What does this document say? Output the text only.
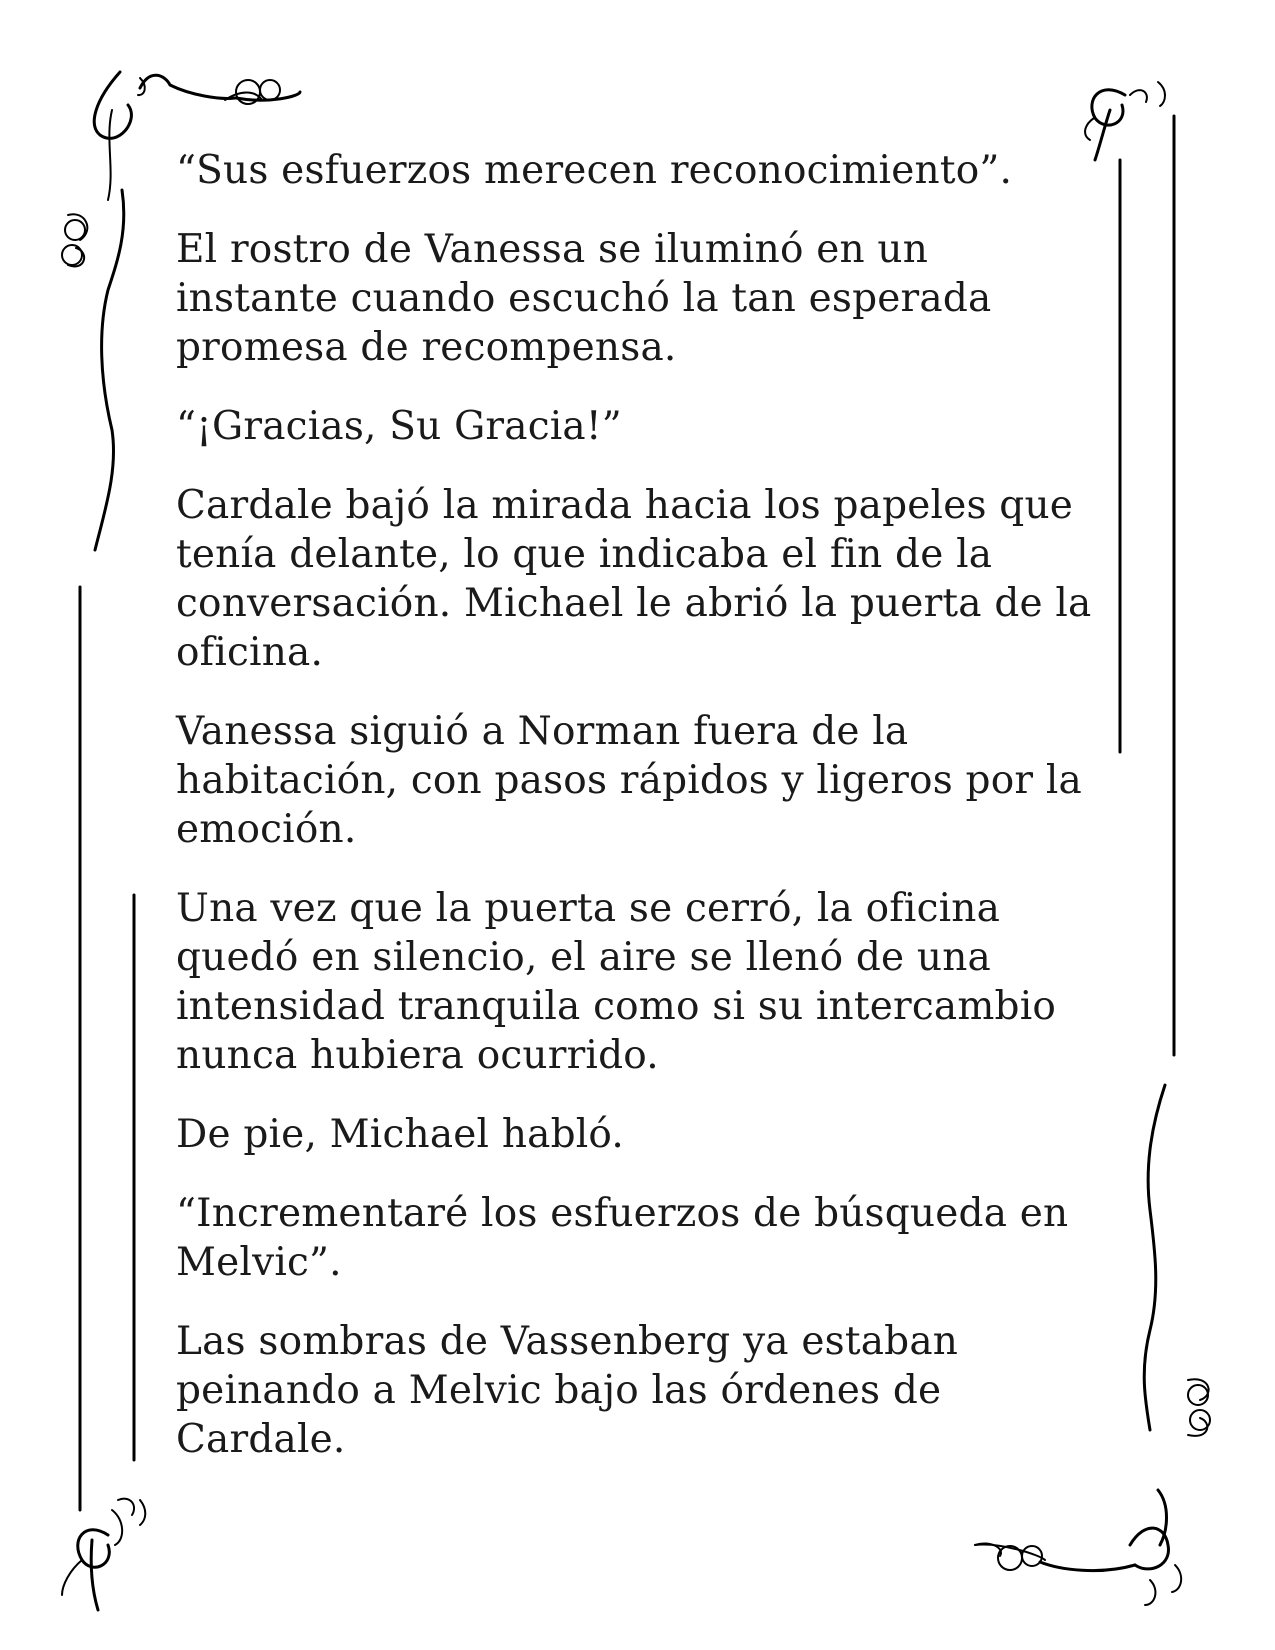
“Sus esfuerzos merecen reconocimiento”.

El rostro de Vanessa se iluminó en un instante cuando escuchó la tan esperada promesa de recompensa.

“¡Gracias, Su Gracia!”

Cardale bajó la mirada hacia los papeles que tenía delante, lo que indicaba el fin de la conversación. Michael le abrió la puerta de la oficina.

Vanessa siguió a Norman fuera de la habitación, con pasos rápidos y ligeros por la emoción.

Una vez que la puerta se cerró, la oficina quedó en silencio, el aire se llenó de una intensidad tranquila como si su intercambio nunca hubiera ocurrido.

De pie, Michael habló.

“Incrementaré los esfuerzos de búsqueda en Melvic”.

Las sombras de Vassenberg ya estaban peinando a Melvic bajo las órdenes de Cardale.
